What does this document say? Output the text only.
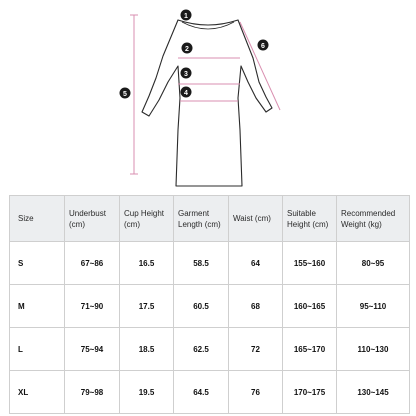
1
2
3
4
5
6
Size	Underbust (cm)	Cup Height (cm)	Garment Length (cm)	Waist (cm)	Suitable Height (cm)	Recommended Weight (kg)
S	67~86	16.5	58.5	64	155~160	80~95
M	71~90	17.5	60.5	68	160~165	95~110
L	75~94	18.5	62.5	72	165~170	110~130
XL	79~98	19.5	64.5	76	170~175	130~145
